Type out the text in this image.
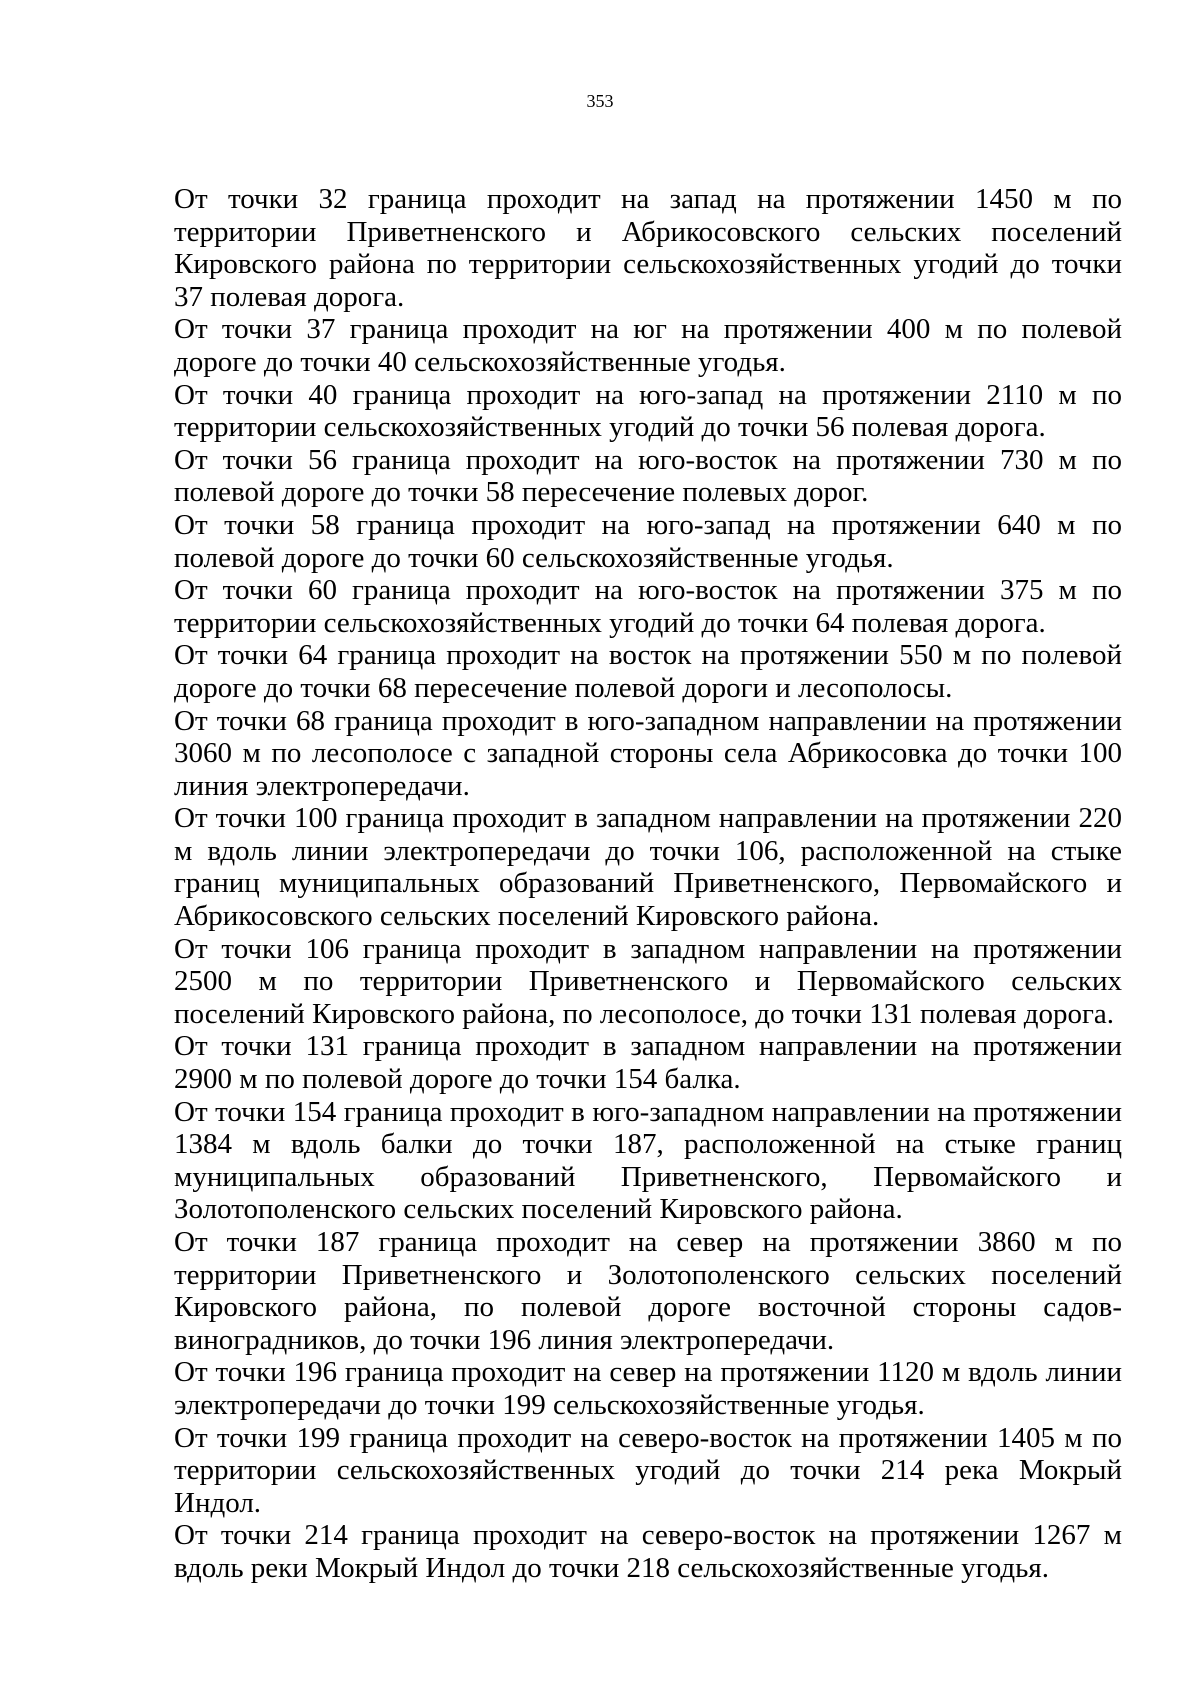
353

От точки 32 граница проходит на запад на протяжении 1450 м по территории Приветненского и Абрикосовского сельских поселений Кировского района по территории сельскохозяйственных угодий до точки 37 полевая дорога.

От точки 37 граница проходит на юг на протяжении 400 м по полевой дороге до точки 40 сельскохозяйственные угодья.

От точки 40 граница проходит на юго-запад на протяжении 2110 м по территории сельскохозяйственных угодий до точки 56 полевая дорога.

От точки 56 граница проходит на юго-восток на протяжении 730 м по полевой дороге до точки 58 пересечение полевых дорог.

От точки 58 граница проходит на юго-запад на протяжении 640 м по полевой дороге до точки 60 сельскохозяйственные угодья.

От точки 60 граница проходит на юго-восток на протяжении 375 м по территории сельскохозяйственных угодий до точки 64 полевая дорога.

От точки 64 граница проходит на восток на протяжении 550 м по полевой дороге до точки 68 пересечение полевой дороги и лесополосы.

От точки 68 граница проходит в юго-западном направлении на протяжении 3060 м по лесополосе с западной стороны села Абрикосовка до точки 100 линия электропередачи.

От точки 100 граница проходит в западном направлении на протяжении 220 м вдоль линии электропередачи до точки 106, расположенной на стыке границ муниципальных образований Приветненского, Первомайского и Абрикосовского сельских поселений Кировского района.

От точки 106 граница проходит в западном направлении на протяжении 2500 м по территории Приветненского и Первомайского сельских поселений Кировского района, по лесополосе, до точки 131 полевая дорога.

От точки 131 граница проходит в западном направлении на протяжении 2900 м по полевой дороге до точки 154 балка.

От точки 154 граница проходит в юго-западном направлении на протяжении 1384 м вдоль балки до точки 187, расположенной на стыке границ муниципальных образований Приветненского, Первомайского и Золотополенского сельских поселений Кировского района.

От точки 187 граница проходит на север на протяжении 3860 м по территории Приветненского и Золотополенского сельских поселений Кировского района, по полевой дороге восточной стороны садов-виноградников, до точки 196 линия электропередачи.

От точки 196 граница проходит на север на протяжении 1120 м вдоль линии электропередачи до точки 199 сельскохозяйственные угодья.

От точки 199 граница проходит на северо-восток на протяжении 1405 м по территории сельскохозяйственных угодий до точки 214 река Мокрый Индол.

От точки 214 граница проходит на северо-восток на протяжении 1267 м вдоль реки Мокрый Индол до точки 218 сельскохозяйственные угодья.
